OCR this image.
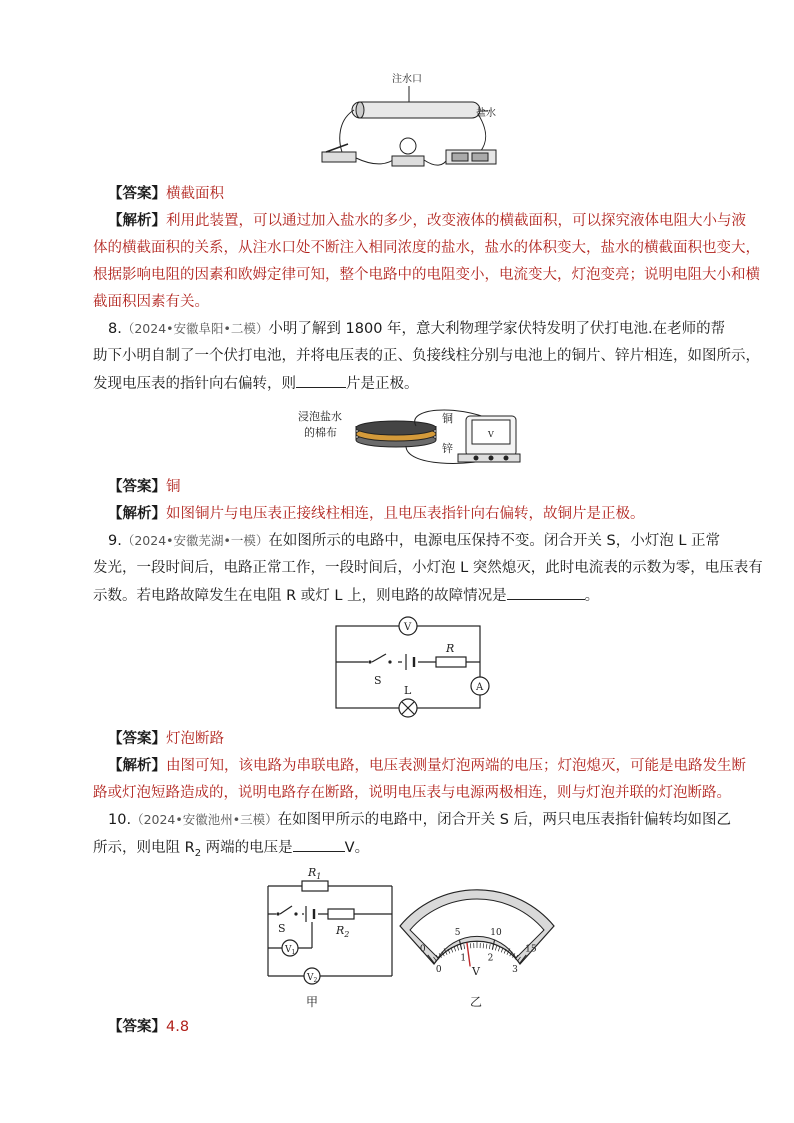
注水口
盐水
【答案】横截面积
【解析】利用此装置，可以通过加入盐水的多少，改变液体的横截面积，可以探究液体电阻大小与液
体的横截面积的关系，从注水口处不断注入相同浓度的盐水，盐水的体积变大，盐水的横截面积也变大，
根据影响电阻的因素和欧姆定律可知，整个电路中的电阻变小，电流变大，灯泡变亮；说明电阻大小和横
截面积因素有关。
8.（2024•安徽阜阳•二模）小明了解到 1800 年，意大利物理学家伏特发明了伏打电池.在老师的帮
助下小明自制了一个伏打电池，并将电压表的正、负接线柱分别与电池上的铜片、锌片相连，如图所示，
发现电压表的指针向右偏转，则	片是正极。
浸泡盐水
的棉布
铜
锌
V
【答案】铜
【解析】如图铜片与电压表正接线柱相连，且电压表指针向右偏转，故铜片是正极。
9.（2024•安徽芜湖•一模）在如图所示的电路中，电源电压保持不变。闭合开关 S，小灯泡 L 正常
发光，一段时间后，电路正常工作，一段时间后，小灯泡 L 突然熄灭，此时电流表的示数为零，电压表有
示数。若电路故障发生在电阻 R 或灯 L 上，则电路的故障情况是	。
R
S
V
A
L
【答案】灯泡断路
【解析】由图可知，该电路为串联电路，电压表测量灯泡两端的电压；灯泡熄灭，可能是电路发生断
路或灯泡短路造成的，说明电路存在断路，说明电压表与电源两极相连，则与灯泡并联的灯泡断路。
10.（2024•安徽池州•三模）在如图甲所示的电路中，闭合开关 S 后，两只电压表指针偏转均如图乙
所示，则电阻 $R_2$ 两端的电压是	V。
$R_1$
$R_2$
S
$V_1$
$V_2$
甲
0
5	10
15
0
1 2
3
V
乙
【答案】4.8
